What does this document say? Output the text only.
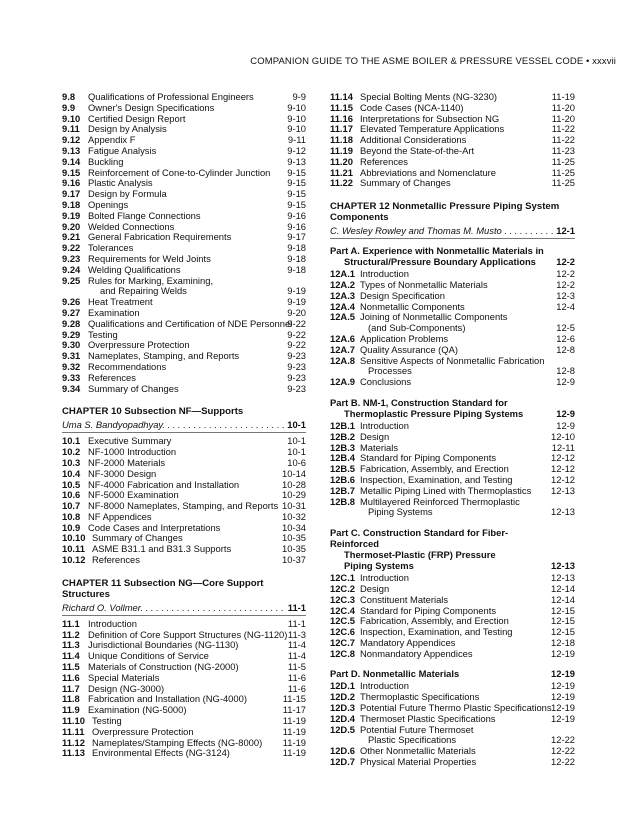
COMPANION GUIDE TO THE ASME BOILER & PRESSURE VESSEL CODE • xxxvii
9.8 Qualifications of Professional Engineers	9-9
9.9 Owner's Design Specifications	9-10
9.10 Certified Design Report	9-10
9.11 Design by Analysis	9-10
9.12 Appendix F	9-11
9.13 Fatigue Analysis	9-12
9.14 Buckling	9-13
9.15 Reinforcement of Cone-to-Cylinder Junction 9-15
9.16 Plastic Analysis	9-15
9.17 Design by Formula	9-15
9.18 Openings	9-15
9.19 Bolted Flange Connections	9-16
9.20 Welded Connections	9-16
9.21 General Fabrication Requirements	9-17
9.22 Tolerances	9-18
9.23 Requirements for Weld Joints	9-18
9.24 Welding Qualifications	9-18
9.25 Rules for Marking, Examining,
and Repairing Welds	9-19
9.26 Heat Treatment	9-19
9.27 Examination	9-20
9.28 Qualifications and Certification of NDE Personnel
9-22
9.29 Testing	9-22
9.30 Overpressure Protection	9-22
9.31 Nameplates, Stamping, and Reports	9-23
9.32 Recommendations	9-23
9.33 References	9-23
9.34 Summary of Changes	9-23
CHAPTER 10 Subsection NF—Supports
Uma S. Bandyopadhyay. . . . . . . . . . . . . . . . . . . . . . . . .
10-1
10.1 Executive Summary	10-1
10.2 NF-1000 Introduction	10-1
10.3 NF-2000 Materials	10-6
10.4 NF-3000 Design	10-14
10.5 NF-4000 Fabrication and Installation	10-28
10.6 NF-5000 Examination	10-29
10.7 NF-8000 Nameplates, Stamping, and Reports 10-31
10.8 NF Appendices	10-32
10.9 Code Cases and Interpretations	10-34
10.10 Summary of Changes	10-35
10.11 ASME B31.1 and B31.3 Supports	10-35
10.12 References	10-37
CHAPTER 11 Subsection NG—Core Support
Structures
Richard O. Vollmer. . . . . . . . . . . . . . . . . . . . . . . . . . . . 11-1
11.1 Introduction	11-1
11.2 Definition of Core Support Structures (NG-1120) 11-3
11.3 Jurisdictional Boundaries (NG-1130)	11-4
11.4 Unique Conditions of Service	11-4
11.5 Materials of Construction (NG-2000)	11-5
11.6 Special Materials	11-6
11.7 Design (NG-3000)	11-6
11.8 Fabrication and Installation (NG-4000)	11-15
11.9 Examination (NG-5000)	11-17
11.10 Testing	11-19
11.11 Overpressure Protection	11-19
11.12 Nameplates/Stamping Effects (NG-8000) 11-19
11.13 Environmental Effects (NG-3124)	11-19
11.14 Special Bolting Ments (NG-3230)	11-19
11.15 Code Cases (NCA-1140)	11-20
11.16 Interpretations for Subsection NG	11-20
11.17 Elevated Temperature Applications	11-22
11.18 Additional Considerations	11-22
11.19 Beyond the State-of-the-Art	11-23
11.20 References	11-25
11.21 Abbreviations and Nomenclature	11-25
11.22 Summary of Changes	11-25
CHAPTER 12 Nonmetallic Pressure Piping System
Components
C. Wesley Rowley and Thomas M. Musto . . . . . . . . . . .
12-1
Part A. Experience with Nonmetallic Materials in
Structural/Pressure Boundary Applications	12-2
12A.1 Introduction	12-2
12A.2 Types of Nonmetallic Materials	12-2
12A.3 Design Specification	12-3
12A.4 Nonmetallic Components	12-4
12A.5 Joining of Nonmetallic Components
(and Sub-Components)	12-5
12A.6 Application Problems	12-6
12A.7 Quality Assurance (QA)	12-8
12A.8 Sensitive Aspects of Nonmetallic Fabrication
Processes	12-8
12A.9 Conclusions	12-9
Part B. NM-1, Construction Standard for
Thermoplastic Pressure Piping Systems	12-9
12B.1 Introduction	12-9
12B.2 Design	12-10
12B.3 Materials	12-11
12B.4 Standard for Piping Components	12-12
12B.5 Fabrication, Assembly, and Erection	12-12
12B.6 Inspection, Examination, and Testing	12-12
12B.7 Metallic Piping Lined with Thermoplastics 12-13
12B.8 Multilayered Reinforced Thermoplastic
Piping Systems	12-13
Part C. Construction Standard for Fiber-Reinforced
Thermoset-Plastic (FRP) Pressure
Piping Systems	12-13
12C.1 Introduction	12-13
12C.2 Design	12-14
12C.3 Constituent Materials	12-14
12C.4 Standard for Piping Components	12-15
12C.5 Fabrication, Assembly, and Erection	12-15
12C.6 Inspection, Examination, and Testing	12-15
12C.7 Mandatory Appendices	12-18
12C.8 Nonmandatory Appendices	12-19
Part D. Nonmetallic Materials	12-19
12D.1 Introduction	12-19
12D.2 Thermoplastic Specifications	12-19
12D.3 Potential Future Thermo Plastic Specifications 12-19
12D.4 Thermoset Plastic Specifications	12-19
12D.5 Potential Future Thermoset
Plastic Specifications	12-22
12D.6 Other Nonmetallic Materials	12-22
12D.7 Physical Material Properties	12-22
